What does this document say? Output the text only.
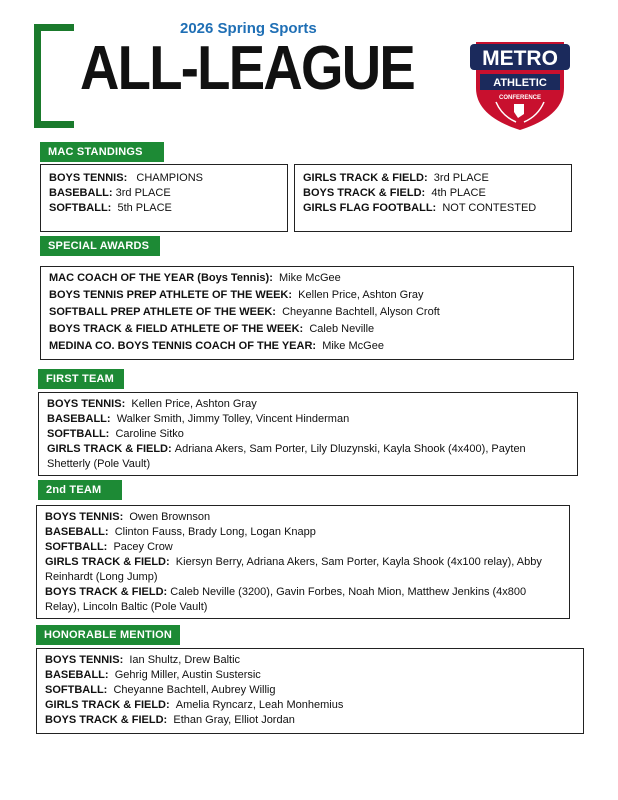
2026 Spring Sports
ALL-LEAGUE	METRO
ATHLETIC
CONFERENCE
MAC STANDINGS
BOYS TENNIS: CHAMPIONS
BASEBALL: 3rd PLACE
SOFTBALL: 5th PLACE
GIRLS TRACK & FIELD: 3rd PLACE
BOYS TRACK & FIELD: 4th PLACE
GIRLS FLAG FOOTBALL: NOT CONTESTED
SPECIAL AWARDS
MAC COACH OF THE YEAR (Boys Tennis): Mike McGee
BOYS TENNIS PREP ATHLETE OF THE WEEK: Kellen Price, Ashton Gray
SOFTBALL PREP ATHLETE OF THE WEEK: Cheyanne Bachtell, Alyson Croft
BOYS TRACK & FIELD ATHLETE OF THE WEEK: Caleb Neville
MEDINA CO. BOYS TENNIS COACH OF THE YEAR: Mike McGee
FIRST TEAM
BOYS TENNIS: Kellen Price, Ashton Gray
BASEBALL: Walker Smith, Jimmy Tolley, Vincent Hinderman
SOFTBALL: Caroline Sitko
GIRLS TRACK & FIELD: Adriana Akers, Sam Porter, Lily Dluzynski, Kayla Shook (4x400), Payten Shetterly (Pole Vault)
2nd TEAM
BOYS TENNIS: Owen Brownson
BASEBALL: Clinton Fauss, Brady Long, Logan Knapp
SOFTBALL: Pacey Crow
GIRLS TRACK & FIELD: Kiersyn Berry, Adriana Akers, Sam Porter, Kayla Shook (4x100 relay), Abby Reinhardt (Long Jump)
BOYS TRACK & FIELD: Caleb Neville (3200), Gavin Forbes, Noah Mion, Matthew Jenkins (4x800 Relay), Lincoln Baltic (Pole Vault)
HONORABLE MENTION
BOYS TENNIS: Ian Shultz, Drew Baltic
BASEBALL: Gehrig Miller, Austin Sustersic
SOFTBALL: Cheyanne Bachtell, Aubrey Willig
GIRLS TRACK & FIELD: Amelia Ryncarz, Leah Monhemius
BOYS TRACK & FIELD: Ethan Gray, Elliot Jordan
